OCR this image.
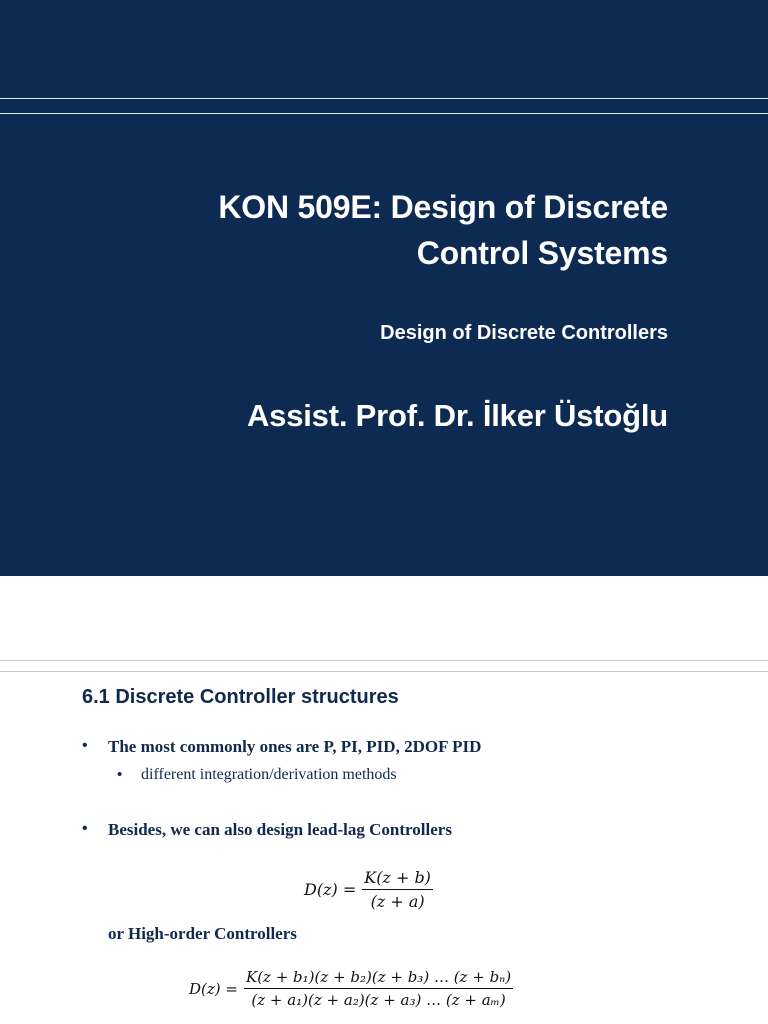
KON 509E: Design of Discrete
Control Systems
Design of Discrete Controllers
Assist. Prof. Dr. İlker Üstoğlu
6.1 Discrete Controller structures
• The most commonly ones are P, PI, PID, 2DOF PID
• different integration/derivation methods
• Besides, we can also design lead-lag Controllers
$D(z) = \frac{K(z + b)}{(z + a)}$
or High-order Controllers
$D(z) = \frac{\text{K(z + b₁)(z + b₂)(z + b₃) … (z + bₙ)}}{\text{(z + a₁)(z + a₂)(z + a₃) … (z + aₘ)}}$
